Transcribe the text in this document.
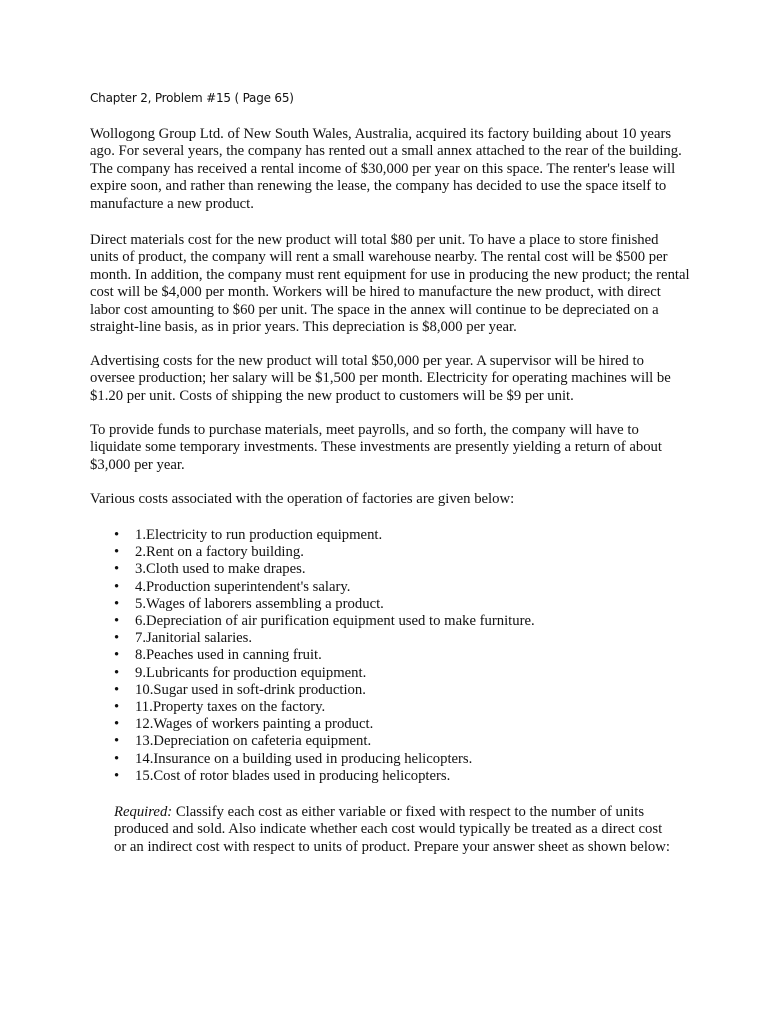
Chapter 2, Problem #15 ( Page 65)

Wollogong Group Ltd. of New South Wales, Australia, acquired its factory building about 10 years ago. For several years, the company has rented out a small annex attached to the rear of the building. The company has received a rental income of $30,000 per year on this space. The renter's lease will expire soon, and rather than renewing the lease, the company has decided to use the space itself to manufacture a new product.

Direct materials cost for the new product will total $80 per unit. To have a place to store finished units of product, the company will rent a small warehouse nearby. The rental cost will be $500 per month. In addition, the company must rent equipment for use in producing the new product; the rental cost will be $4,000 per month. Workers will be hired to manufacture the new product, with direct labor cost amounting to $60 per unit. The space in the annex will continue to be depreciated on a straight-line basis, as in prior years. This depreciation is $8,000 per year.

Advertising costs for the new product will total $50,000 per year. A supervisor will be hired to oversee production; her salary will be $1,500 per month. Electricity for operating machines will be $1.20 per unit. Costs of shipping the new product to customers will be $9 per unit.

To provide funds to purchase materials, meet payrolls, and so forth, the company will have to liquidate some temporary investments. These investments are presently yielding a return of about $3,000 per year.

Various costs associated with the operation of factories are given below:

• 1.Electricity to run production equipment.
• 2.Rent on a factory building.
• 3.Cloth used to make drapes.
• 4.Production superintendent's salary.
• 5.Wages of laborers assembling a product.
• 6.Depreciation of air purification equipment used to make furniture.
• 7.Janitorial salaries.
• 8.Peaches used in canning fruit.
• 9.Lubricants for production equipment.
• 10.Sugar used in soft-drink production.
• 11.Property taxes on the factory.
• 12.Wages of workers painting a product.
• 13.Depreciation on cafeteria equipment.
• 14.Insurance on a building used in producing helicopters.
• 15.Cost of rotor blades used in producing helicopters.

Required: Classify each cost as either variable or fixed with respect to the number of units produced and sold. Also indicate whether each cost would typically be treated as a direct cost or an indirect cost with respect to units of product. Prepare your answer sheet as shown below:
